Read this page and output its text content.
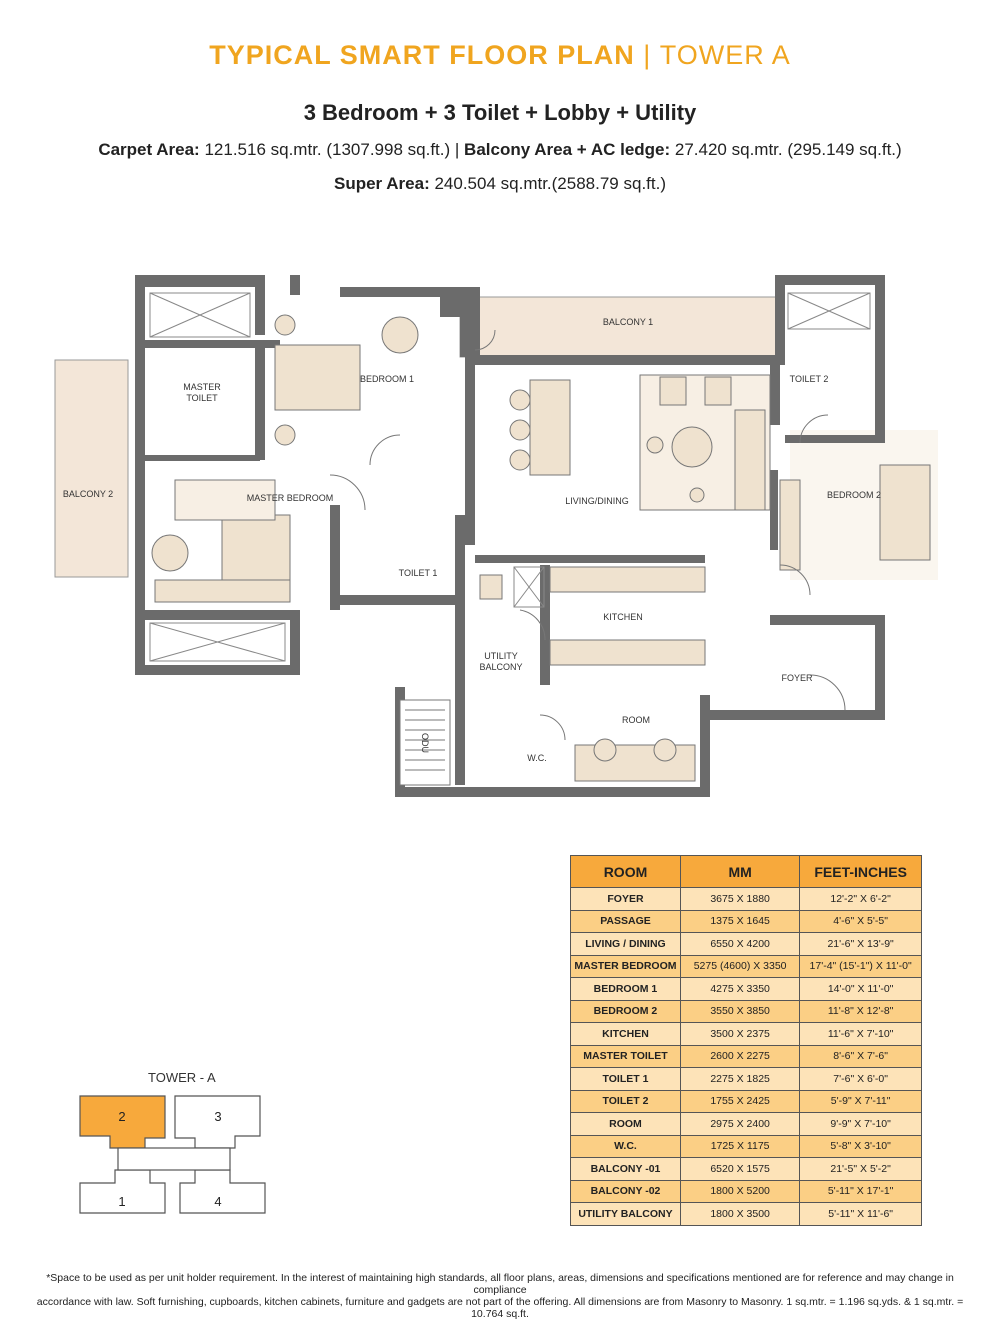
TYPICAL SMART FLOOR PLAN | TOWER A
3 Bedroom + 3 Toilet + Lobby + Utility
Carpet Area: 121.516 sq.mtr. (1307.998 sq.ft.) | Balcony Area + AC ledge: 27.420 sq.mtr. (295.149 sq.ft.)
Super Area: 240.504 sq.mtr.(2588.79 sq.ft.)
BALCONY 1
BALCONY 2
MASTER
TOILET
BEDROOM 1
MASTER BEDROOM
TOILET 2
LIVING/DINING
BEDROOM 2
TOILET 1
KITCHEN
UTILITY
BALCONY
FOYER
ROOM
W.C.
ODU
ROOM	MM	FEET-INCHES
FOYER	3675 X 1880	12'-2" X 6'-2"
PASSAGE	1375 X 1645	4'-6" X 5'-5"
LIVING / DINING	6550 X 4200	21'-6" X 13'-9"
MASTER BEDROOM	5275 (4600) X 3350	17'-4" (15'-1") X 11'-0"
BEDROOM 1	4275 X 3350	14'-0" X 11'-0"
BEDROOM 2	3550 X 3850	11'-8" X 12'-8"
KITCHEN	3500 X 2375	11'-6" X 7'-10"
MASTER TOILET	2600 X 2275	8'-6" X 7'-6"
TOILET 1	2275 X 1825	7'-6" X 6'-0"
TOILET 2	1755 X 2425	5'-9" X 7'-11"
ROOM	2975 X 2400	9'-9" X 7'-10"
W.C.	1725 X 1175	5'-8" X 3'-10"
BALCONY -01	6520 X 1575	21'-5" X 5'-2"
BALCONY -02	1800 X 5200	5'-11" X 17'-1"
UTILITY BALCONY	1800 X 3500	5'-11" X 11'-6"
TOWER - A
2	3
1	4
*Space to be used as per unit holder requirement. In the interest of maintaining high standards, all floor plans, areas, dimensions and specifications mentioned are for reference and may change in compliance
accordance with law. Soft furnishing, cupboards, kitchen cabinets, furniture and gadgets are not part of the offering. All dimensions are from Masonry to Masonry. 1 sq.mtr. = 1.196 sq.yds. & 1 sq.mtr. = 10.764 sq.ft.
